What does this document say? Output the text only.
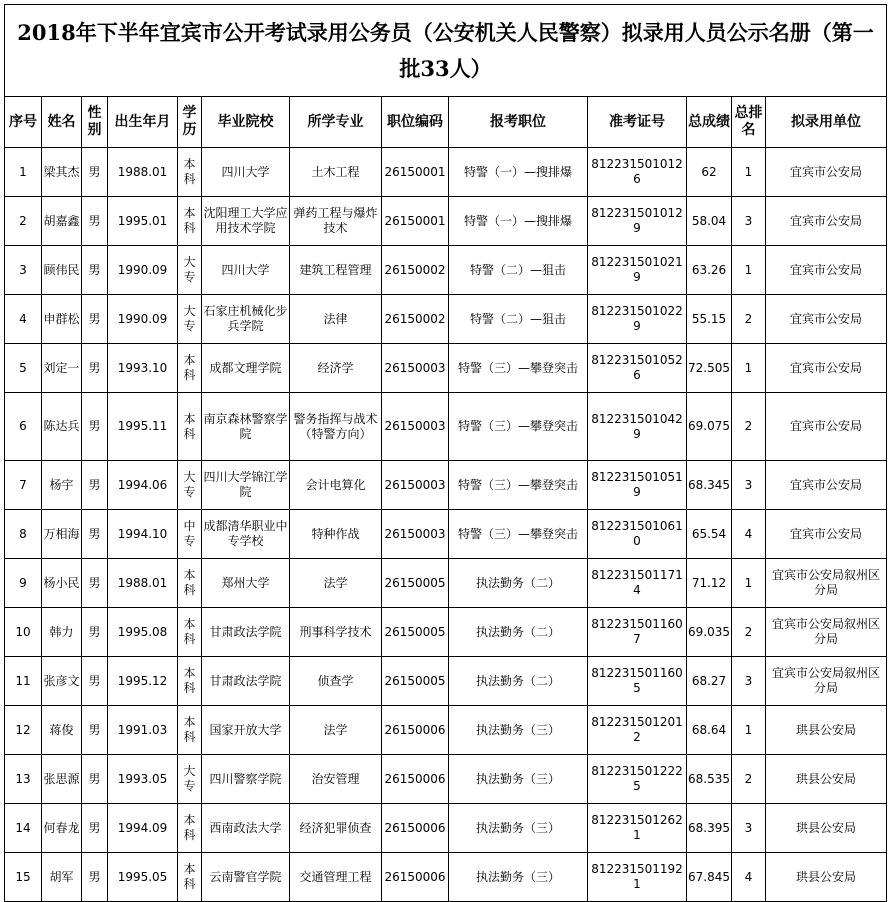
2018年下半年宜宾市公开考试录用公务员（公安机关人民警察）拟录用人员公示名册（第一批33人）												
序号	姓名	性别	出生年月	学历	毕业院校	所学专业	职位编码	报考职位	准考证号	总成绩	总排名	拟录用单位
1	梁其杰	男	1988.01	本科	四川大学	土木工程	26150001	特警（一）—搜排爆	8122315010126	62	1	宜宾市公安局
2	胡嘉鑫	男	1995.01	本科	沈阳理工大学应用技术学院	弹药工程与爆炸技术	26150001	特警（一）—搜排爆	8122315010129	58.04	3	宜宾市公安局
3	顾伟民	男	1990.09	大专	四川大学	建筑工程管理	26150002	特警（二）—狙击	8122315010219	63.26	1	宜宾市公安局
4	申群松	男	1990.09	大专	石家庄机械化步兵学院	法律	26150002	特警（二）—狙击	8122315010229	55.15	2	宜宾市公安局
5	刘定一	男	1993.10	本科	成都文理学院	经济学	26150003	特警（三）—攀登突击	8122315010526	72.505	1	宜宾市公安局
6	陈达兵	男	1995.11	本科	南京森林警察学院	警务指挥与战术（特警方向）	26150003	特警（三）—攀登突击	8122315010429	69.075	2	宜宾市公安局
7	杨宇	男	1994.06	大专	四川大学锦江学院	会计电算化	26150003	特警（三）—攀登突击	8122315010519	68.345	3	宜宾市公安局
8	万相海	男	1994.10	中专	成都清华职业中专学校	特种作战	26150003	特警（三）—攀登突击	8122315010610	65.54	4	宜宾市公安局
9	杨小民	男	1988.01	本科	郑州大学	法学	26150005	执法勤务（二）	8122315011714	71.12	1	宜宾市公安局叙州区分局
10	韩力	男	1995.08	本科	甘肃政法学院	刑事科学技术	26150005	执法勤务（二）	8122315011607	69.035	2	宜宾市公安局叙州区分局
11	张彦文	男	1995.12	本科	甘肃政法学院	侦查学	26150005	执法勤务（二）	8122315011605	68.27	3	宜宾市公安局叙州区分局
12	蒋俊	男	1991.03	本科	国家开放大学	法学	26150006	执法勤务（三）	8122315012012	68.64	1	珙县公安局
13	张思源	男	1993.05	大专	四川警察学院	治安管理	26150006	执法勤务（三）	8122315012225	68.535	2	珙县公安局
14	何春龙	男	1994.09	本科	西南政法大学	经济犯罪侦查	26150006	执法勤务（三）	8122315012621	68.395	3	珙县公安局
15	胡军	男	1995.05	本科	云南警官学院	交通管理工程	26150006	执法勤务（三）	8122315011921	67.845	4	珙县公安局
